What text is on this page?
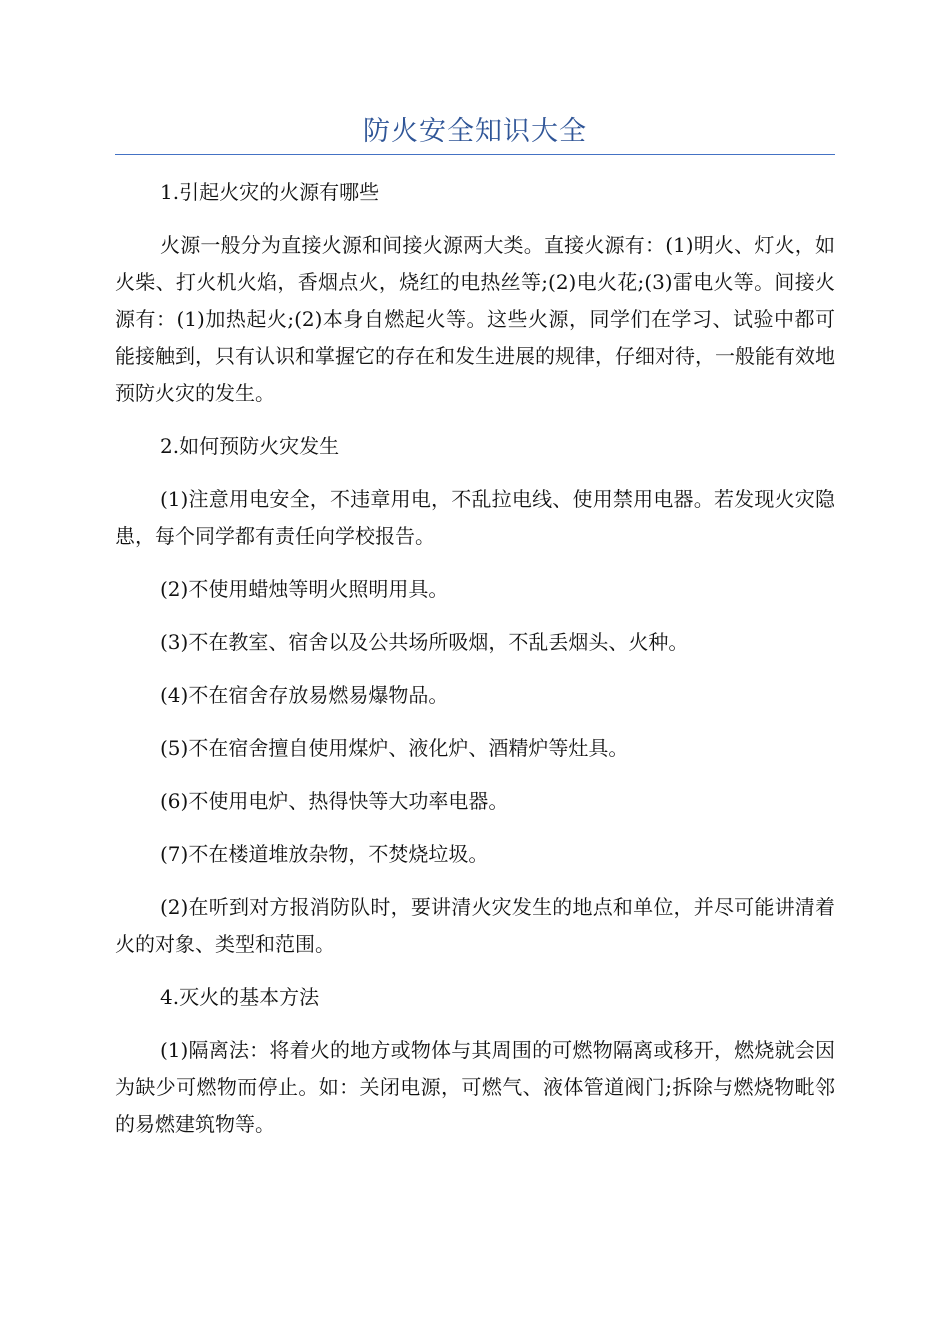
防火安全知识大全

1.引起火灾的火源有哪些

火源一般分为直接火源和间接火源两大类。直接火源有：(1)明火、灯火，如火柴、打火机火焰，香烟点火，烧红的电热丝等;(2)电火花;(3)雷电火等。间接火源有：(1)加热起火;(2)本身自燃起火等。这些火源，同学们在学习、试验中都可能接触到，只有认识和掌握它的存在和发生进展的规律，仔细对待，一般能有效地预防火灾的发生。

2.如何预防火灾发生

(1)注意用电安全，不违章用电，不乱拉电线、使用禁用电器。若发现火灾隐患，每个同学都有责任向学校报告。

(2)不使用蜡烛等明火照明用具。

(3)不在教室、宿舍以及公共场所吸烟，不乱丢烟头、火种。

(4)不在宿舍存放易燃易爆物品。

(5)不在宿舍擅自使用煤炉、液化炉、酒精炉等灶具。

(6)不使用电炉、热得快等大功率电器。

(7)不在楼道堆放杂物，不焚烧垃圾。

(2)在听到对方报消防队时，要讲清火灾发生的地点和单位，并尽可能讲清着火的对象、类型和范围。

4.灭火的基本方法

(1)隔离法：将着火的地方或物体与其周围的可燃物隔离或移开，燃烧就会因为缺少可燃物而停止。如：关闭电源，可燃气、液体管道阀门;拆除与燃烧物毗邻的易燃建筑物等。
